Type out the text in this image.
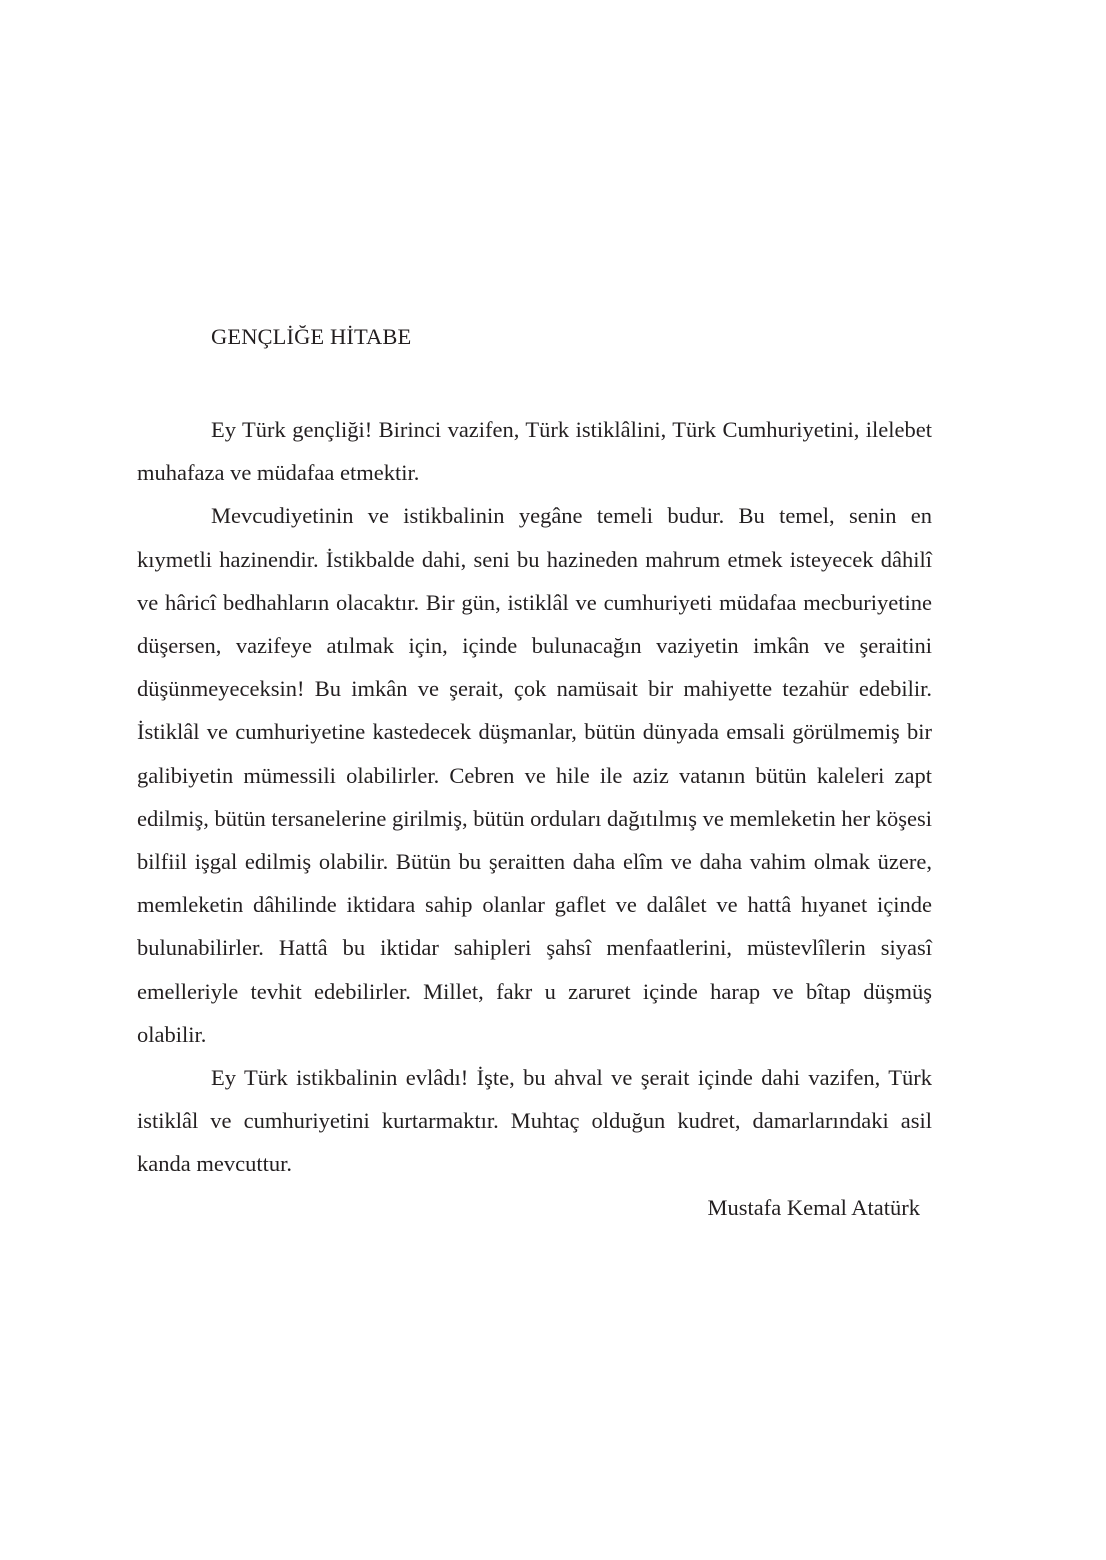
GENÇLİĞE HİTABE

Ey Türk gençliği! Birinci vazifen, Türk istiklâlini, Türk Cumhuriyetini, ilelebet muhafaza ve müdafaa etmektir.

Mevcudiyetinin ve istikbalinin yegâne temeli budur. Bu temel, senin en kıymetli hazinendir. İstikbalde dahi, seni bu hazineden mahrum etmek isteyecek dâhilî ve hâricî bedhahların olacaktır. Bir gün, istiklâl ve cumhuriyeti müdafaa mecburiyetine düşersen, vazifeye atılmak için, içinde bulunacağın vaziyetin imkân ve şeraitini düşünmeyeceksin! Bu imkân ve şerait, çok namüsait bir mahiyette tezahür edebilir. İstiklâl ve cumhuriyetine kastedecek düşmanlar, bütün dünyada emsali görülmemiş bir galibiyetin mümessili olabilirler. Cebren ve hile ile aziz vatanın bütün kaleleri zapt edilmiş, bütün tersanelerine girilmiş, bütün orduları dağıtılmış ve memleketin her köşesi bilfiil işgal edilmiş olabilir. Bütün bu şeraitten daha elîm ve daha vahim olmak üzere, memleketin dâhilinde iktidara sahip olanlar gaflet ve dalâlet ve hattâ hıyanet içinde bulunabilirler. Hattâ bu iktidar sahipleri şahsî menfaatlerini, müstevlîlerin siyasî emelleriyle tevhit edebilirler. Millet, fakr u zaruret içinde harap ve bîtap düşmüş olabilir.

Ey Türk istikbalinin evlâdı! İşte, bu ahval ve şerait içinde dahi vazifen, Türk istiklâl ve cumhuriyetini kurtarmaktır. Muhtaç olduğun kudret, damarlarındaki asil kanda mevcuttur.

Mustafa Kemal Atatürk
